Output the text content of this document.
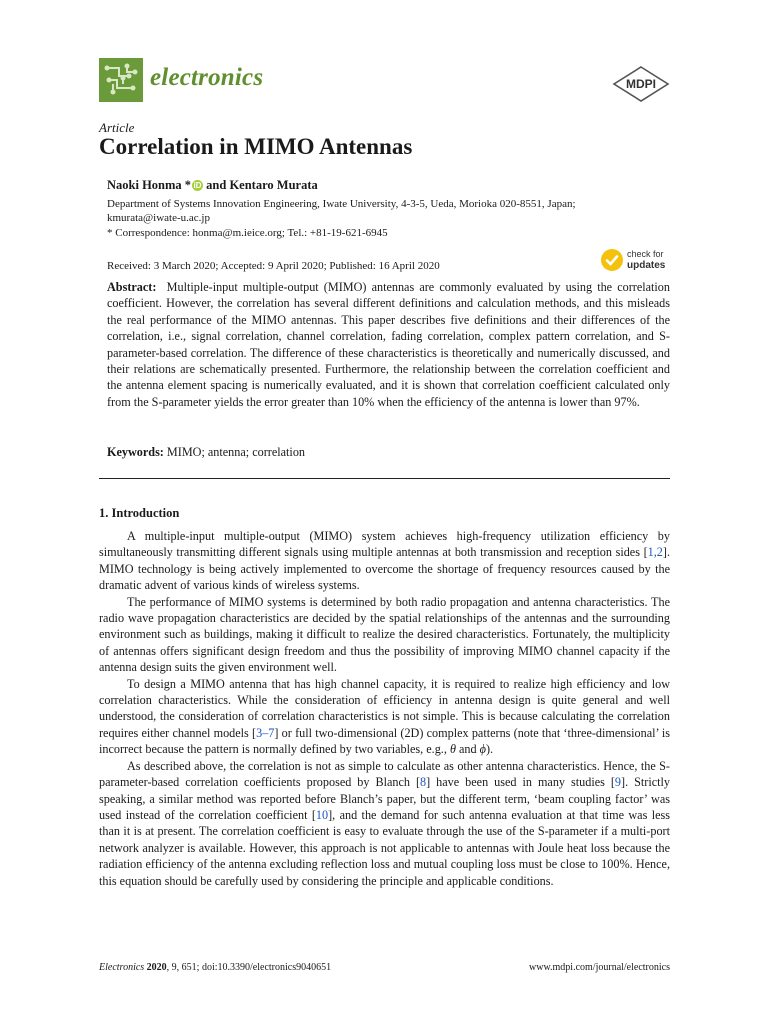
electronics	MDPI
Article
Correlation in MIMO Antennas
Naoki Honma * iD and Kentaro Murata
Department of Systems Innovation Engineering, Iwate University, 4-3-5, Ueda, Morioka 020-8551, Japan;
kmurata@iwate-u.ac.jp
* Correspondence: honma@m.ieice.org; Tel.: +81-19-621-6945
Received: 3 March 2020; Accepted: 9 April 2020; Published: 16 April 2020
check for
updates

Abstract: Multiple-input multiple-output (MIMO) antennas are commonly evaluated by using the correlation coefficient. However, the correlation has several different definitions and calculation methods, and this misleads the real performance of the MIMO antennas. This paper describes five definitions and their differences of the correlation, i.e., signal correlation, channel correlation, fading correlation, complex pattern correlation, and S-parameter-based correlation. The difference of these characteristics is theoretically and numerically discussed, and their relations are schematically presented. Furthermore, the relationship between the correlation coefficient and the antenna element spacing is numerically evaluated, and it is shown that correlation coefficient calculated only from the S-parameter yields the error greater than 10% when the efficiency of the antenna is lower than 97%.

Keywords: MIMO; antenna; correlation
1. Introduction

A multiple-input multiple-output (MIMO) system achieves high-frequency utilization efficiency by simultaneously transmitting different signals using multiple antennas at both transmission and reception sides [1,2]. MIMO technology is being actively implemented to overcome the shortage of frequency resources caused by the dramatic advent of various kinds of wireless systems.

The performance of MIMO systems is determined by both radio propagation and antenna characteristics. The radio wave propagation characteristics are decided by the spatial relationships of the antennas and the surrounding environment such as buildings, making it difficult to realize the desired characteristics. Fortunately, the multiplicity of antennas offers significant design freedom and thus the possibility of improving MIMO channel capacity if the antenna design suits the given environment well.

To design a MIMO antenna that has high channel capacity, it is required to realize high efficiency and low correlation characteristics. While the consideration of efficiency in antenna design is quite general and well understood, the consideration of correlation characteristics is not simple. This is because calculating the correlation requires either channel models [3–7] or full two-dimensional (2D) complex patterns (note that ‘three-dimensional’ is incorrect because the pattern is normally defined by two variables, e.g., θ and ϕ).

As described above, the correlation is not as simple to calculate as other antenna characteristics. Hence, the S-parameter-based correlation coefficients proposed by Blanch [8] have been used in many studies [9]. Strictly speaking, a similar method was reported before Blanch’s paper, but the different term, ‘beam coupling factor’ was used instead of the correlation coefficient [10], and the demand for such antenna evaluation at that time was less than it is at present. The correlation coefficient is easy to evaluate through the use of the S-parameter if a multi-port network analyzer is available. However, this approach is not applicable to antennas with Joule heat loss because the radiation efficiency of the antenna excluding reflection loss and mutual coupling loss must be close to 100%. Hence, this equation should be carefully used by considering the principle and applicable conditions.

Electronics 2020, 9, 651; doi:10.3390/electronics9040651	www.mdpi.com/journal/electronics
